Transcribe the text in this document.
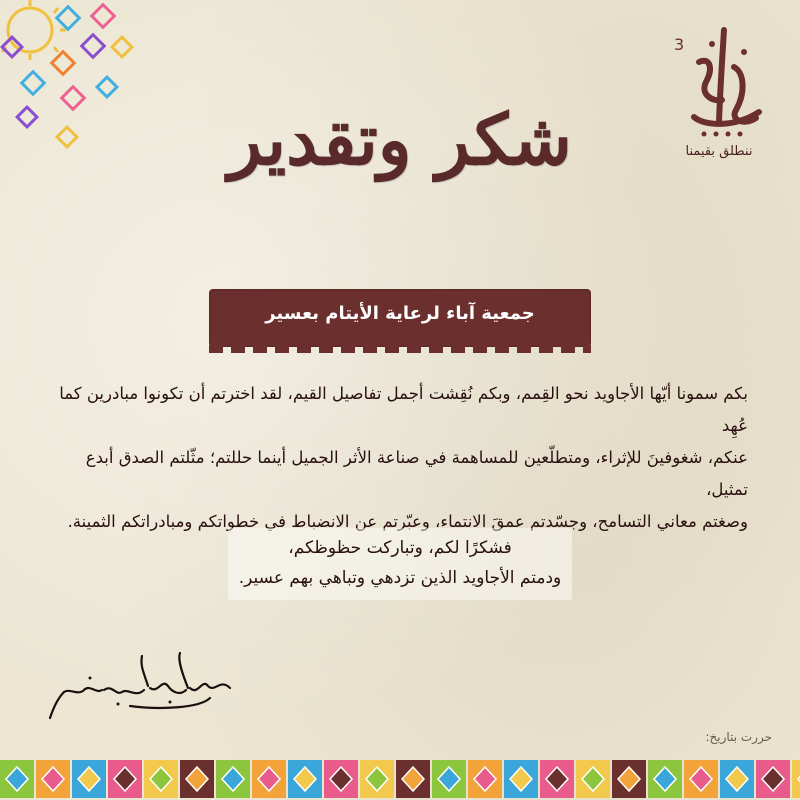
3
ننطلق بقيمنا
شكر وتقدير
جمعية آباء لرعاية الأيتام بعسير

بكم سمونا أيّها الأجاويد نحو القِمم، وبكم نُقِشت أجمل تفاصيل القيم، لقد اخترتم أن تكونوا مبادرين كما عُهِد

عنكم، شغوفينَ للإثراء، ومتطلّعين للمساهمة في صناعة الأثر الجميل أينما حللتم؛ مثّلتم الصدق أبدع تمثيل،

وصغتم معاني التسامح، وجسّدتم عمقَ الانتماء، وعبّرتم عن الانضباط في خطواتكم ومبادراتكم الثمينة.

فشكرًا لكم، وتباركت حظوظكم،
ودمتم الأجاويد الذين تزدهي وتباهي بهم عسير.
حررت بتاريخ:
